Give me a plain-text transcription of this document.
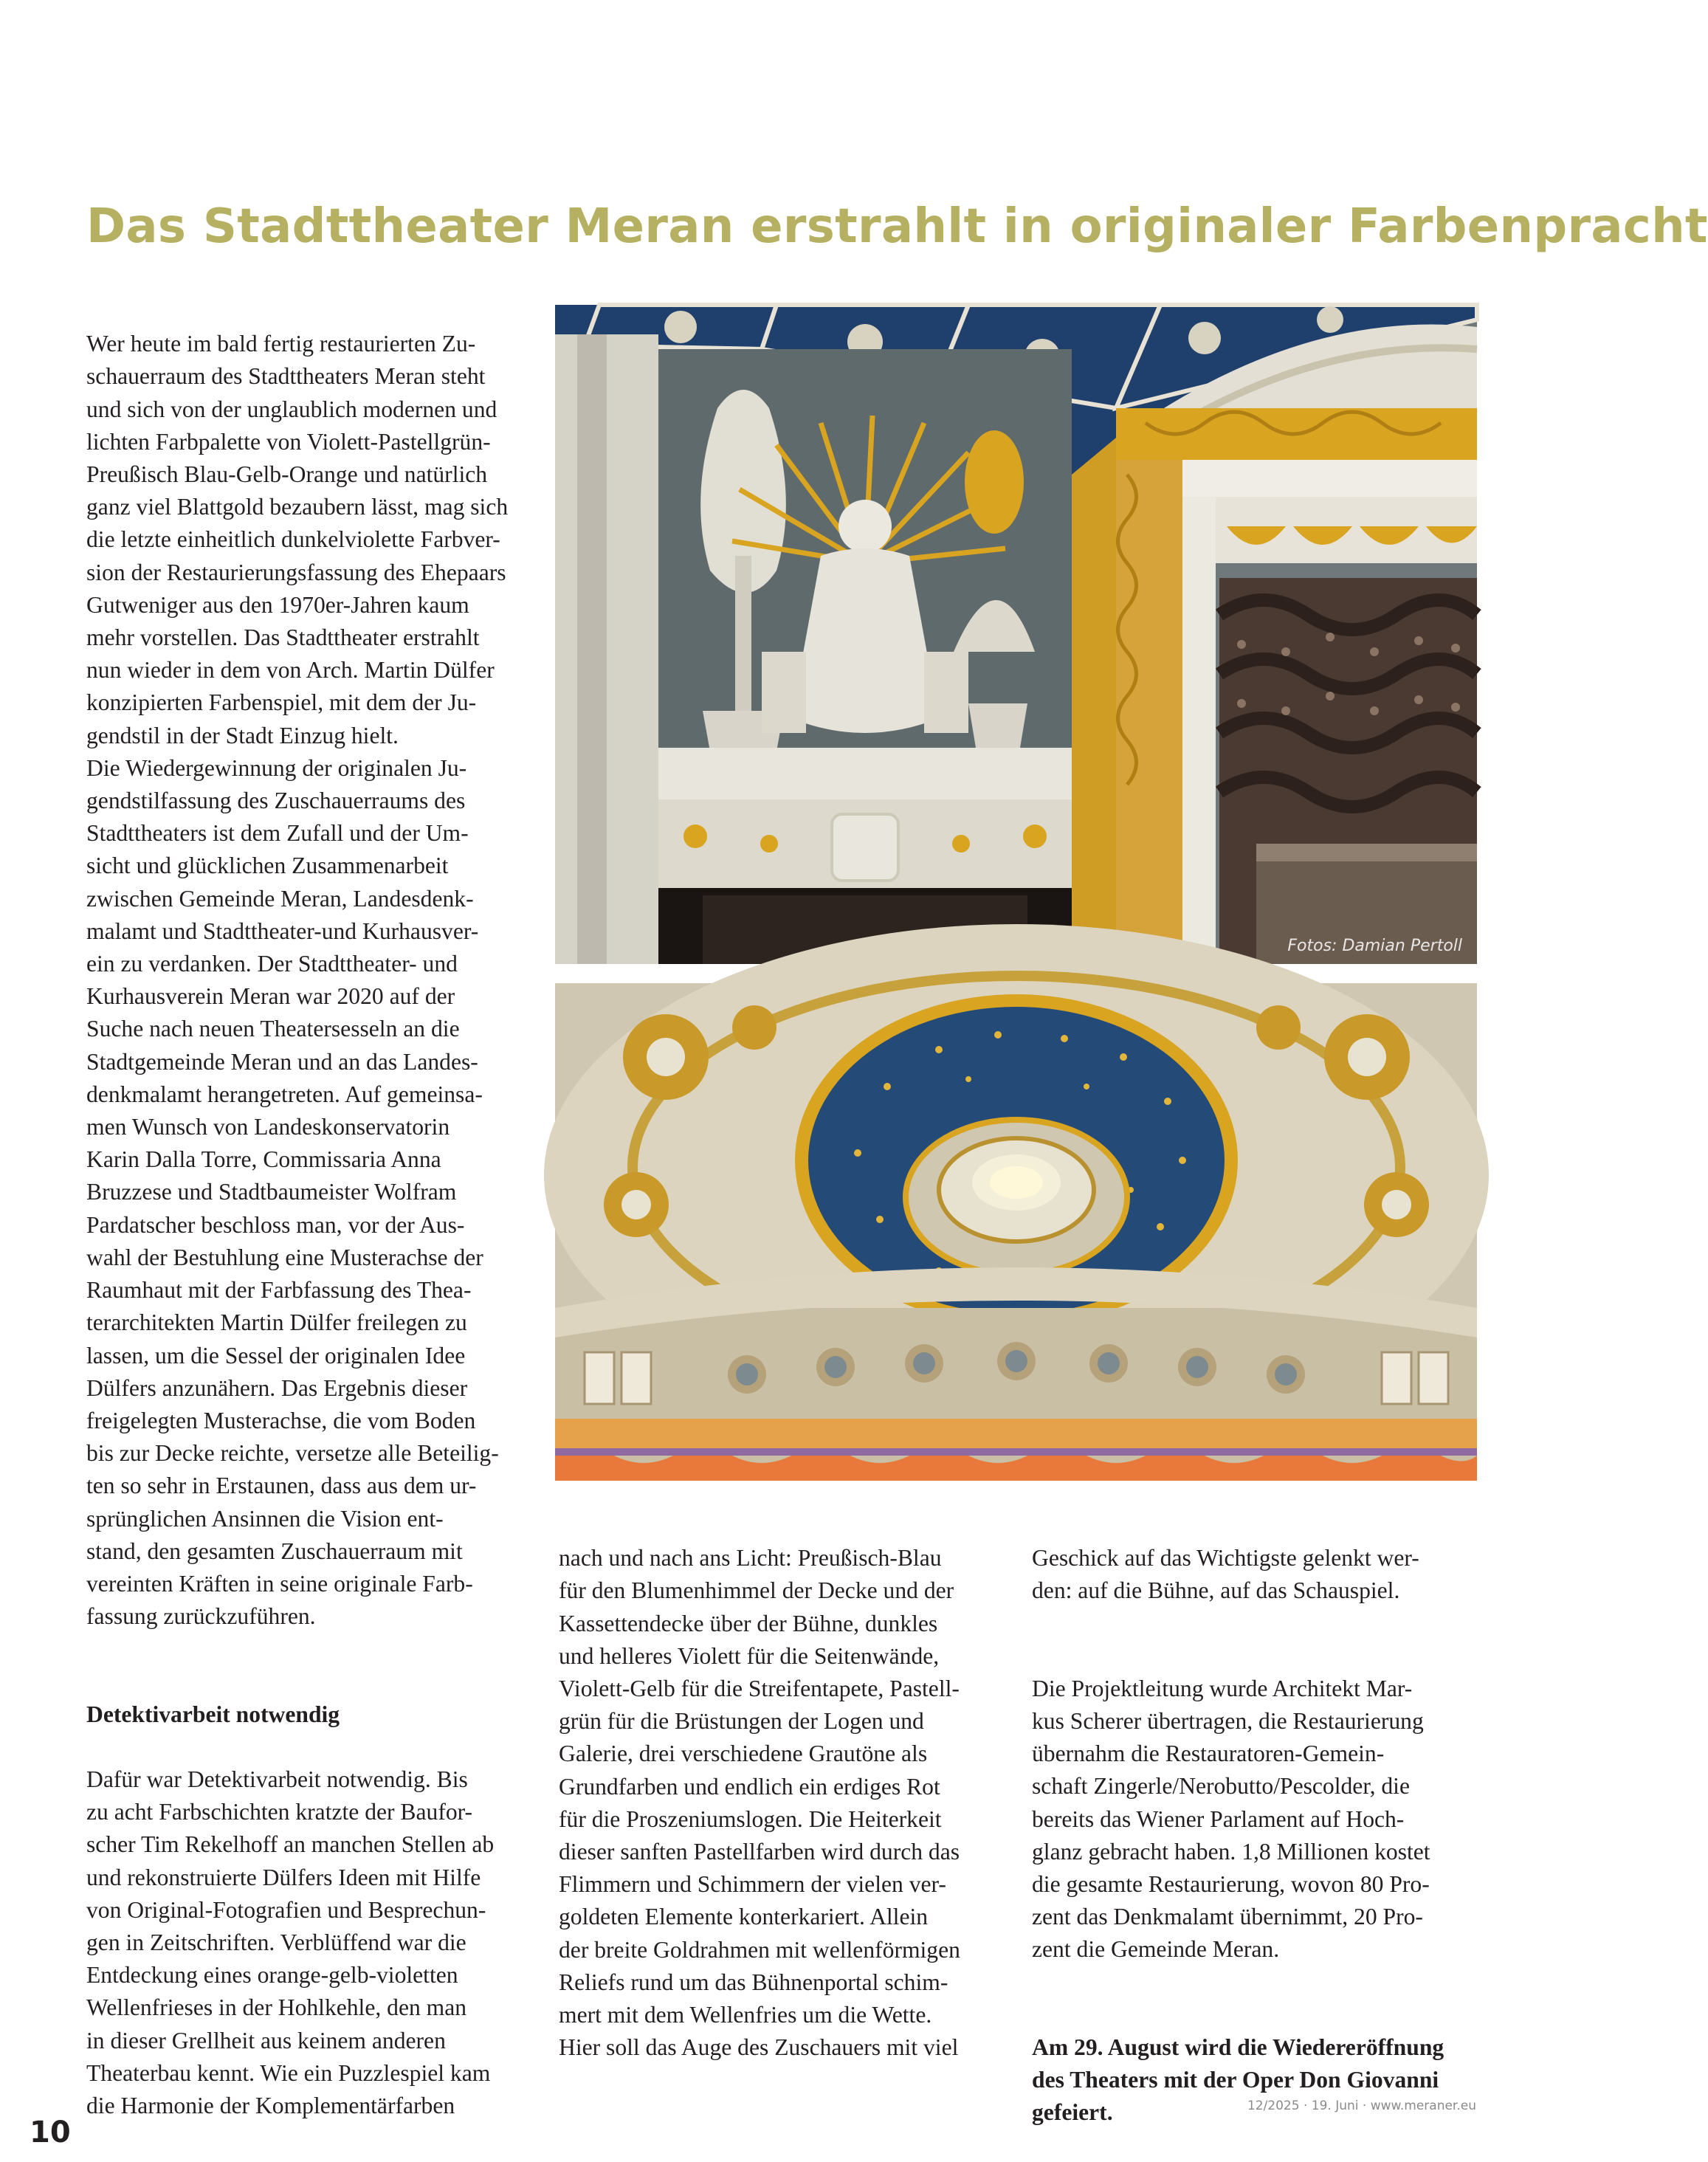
Das Stadttheater Meran erstrahlt in originaler Farbenpracht

Wer heute im bald fertig restaurierten Zu-
schauerraum des Stadttheaters Meran steht
und sich von der unglaublich modernen und
lichten Farbpalette von Violett-Pastellgrün-
Preußisch Blau-Gelb-Orange und natürlich
ganz viel Blattgold bezaubern lässt, mag sich
die letzte einheitlich dunkelviolette Farbver-
sion der Restaurierungsfassung des Ehepaars
Gutweniger aus den 1970er-Jahren kaum
mehr vorstellen. Das Stadttheater erstrahlt
nun wieder in dem von Arch. Martin Dülfer
konzipierten Farbenspiel, mit dem der Ju-
gendstil in der Stadt Einzug hielt.
Die Wiedergewinnung der originalen Ju-
gendstilfassung des Zuschauerraums des
Stadttheaters ist dem Zufall und der Um-
sicht und glücklichen Zusammenarbeit
zwischen Gemeinde Meran, Landesdenk-
malamt und Stadttheater-und Kurhausver-
ein zu verdanken. Der Stadttheater- und
Kurhausverein Meran war 2020 auf der
Suche nach neuen Theatersesseln an die
Stadtgemeinde Meran und an das Landes-
denkmalamt herangetreten. Auf gemeinsa-
men Wunsch von Landeskonservatorin
Karin Dalla Torre, Commissaria Anna
Bruzzese und Stadtbaumeister Wolfram
Pardatscher beschloss man, vor der Aus-
wahl der Bestuhlung eine Musterachse der
Raumhaut mit der Farbfassung des Thea-
terarchitekten Martin Dülfer freilegen zu
lassen, um die Sessel der originalen Idee
Dülfers anzunähern. Das Ergebnis dieser
freigelegten Musterachse, die vom Boden
bis zur Decke reichte, versetze alle Beteilig-
ten so sehr in Erstaunen, dass aus dem ur-
sprünglichen Ansinnen die Vision ent-
stand, den gesamten Zuschauerraum mit
vereinten Kräften in seine originale Farb-
fassung zurückzuführen.

Detektivarbeit notwendig

Dafür war Detektivarbeit notwendig. Bis
zu acht Farbschichten kratzte der Baufor-
scher Tim Rekelhoff an manchen Stellen ab
und rekonstruierte Dülfers Ideen mit Hilfe
von Original-Fotografien und Besprechun-
gen in Zeitschriften. Verblüffend war die
Entdeckung eines orange-gelb-violetten
Wellenfrieses in der Hohlkehle, den man
in dieser Grellheit aus keinem anderen
Theaterbau kennt. Wie ein Puzzlespiel kam
die Harmonie der Komplementärfarben

nach und nach ans Licht: Preußisch-Blau
für den Blumenhimmel der Decke und der
Kassettendecke über der Bühne, dunkles
und helleres Violett für die Seitenwände,
Violett-Gelb für die Streifentapete, Pastell-
grün für die Brüstungen der Logen und
Galerie, drei verschiedene Grautöne als
Grundfarben und endlich ein erdiges Rot
für die Proszeniumslogen. Die Heiterkeit
dieser sanften Pastellfarben wird durch das
Flimmern und Schimmern der vielen ver-
goldeten Elemente konterkariert. Allein
der breite Goldrahmen mit wellenförmigen
Reliefs rund um das Bühnenportal schim-
mert mit dem Wellenfries um die Wette.
Hier soll das Auge des Zuschauers mit viel

Geschick auf das Wichtigste gelenkt wer-
den: auf die Bühne, auf das Schauspiel.

Die Projektleitung wurde Architekt Mar-
kus Scherer übertragen, die Restaurierung
übernahm die Restauratoren-Gemein-
schaft Zingerle/Nerobutto/Pescolder, die
bereits das Wiener Parlament auf Hoch-
glanz gebracht haben. 1,8 Millionen kostet
die gesamte Restaurierung, wovon 80 Pro-
zent das Denkmalamt übernimmt, 20 Pro-
zent die Gemeinde Meran.

Am 29. August wird die Wiedereröffnung
des Theaters mit der Oper Don Giovanni
gefeiert.

Fotos: Damian Pertoll
10
12/2025 · 19. Juni · www.meraner.eu
